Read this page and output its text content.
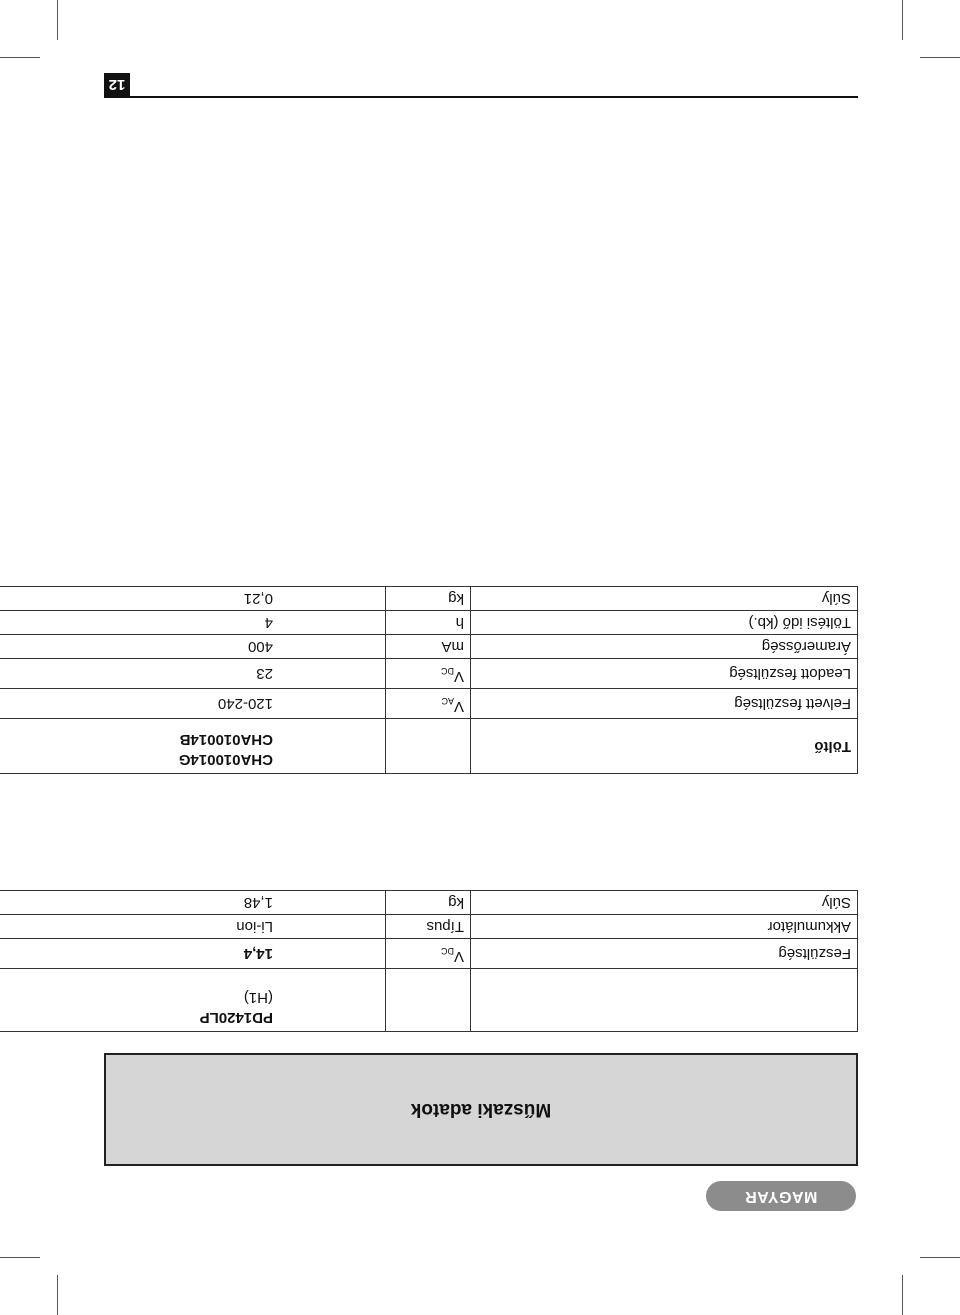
MAGYAR
Műszaki adatok

		PD1420LP
(H1)

Feszültség	$V_{DC}$	14,4
Akkumulátor	Típus	Li-ion
Súly	kg	1,48
Töltő		CHA010014G
CHA010014B

Felvett feszültség	$V_{AC}$	120-240
Leadott feszültség	$V_{DC}$	23
Áramerősség	mA	400
Töltési idő (kb.)	h	4
Súly	kg	0,21
12
